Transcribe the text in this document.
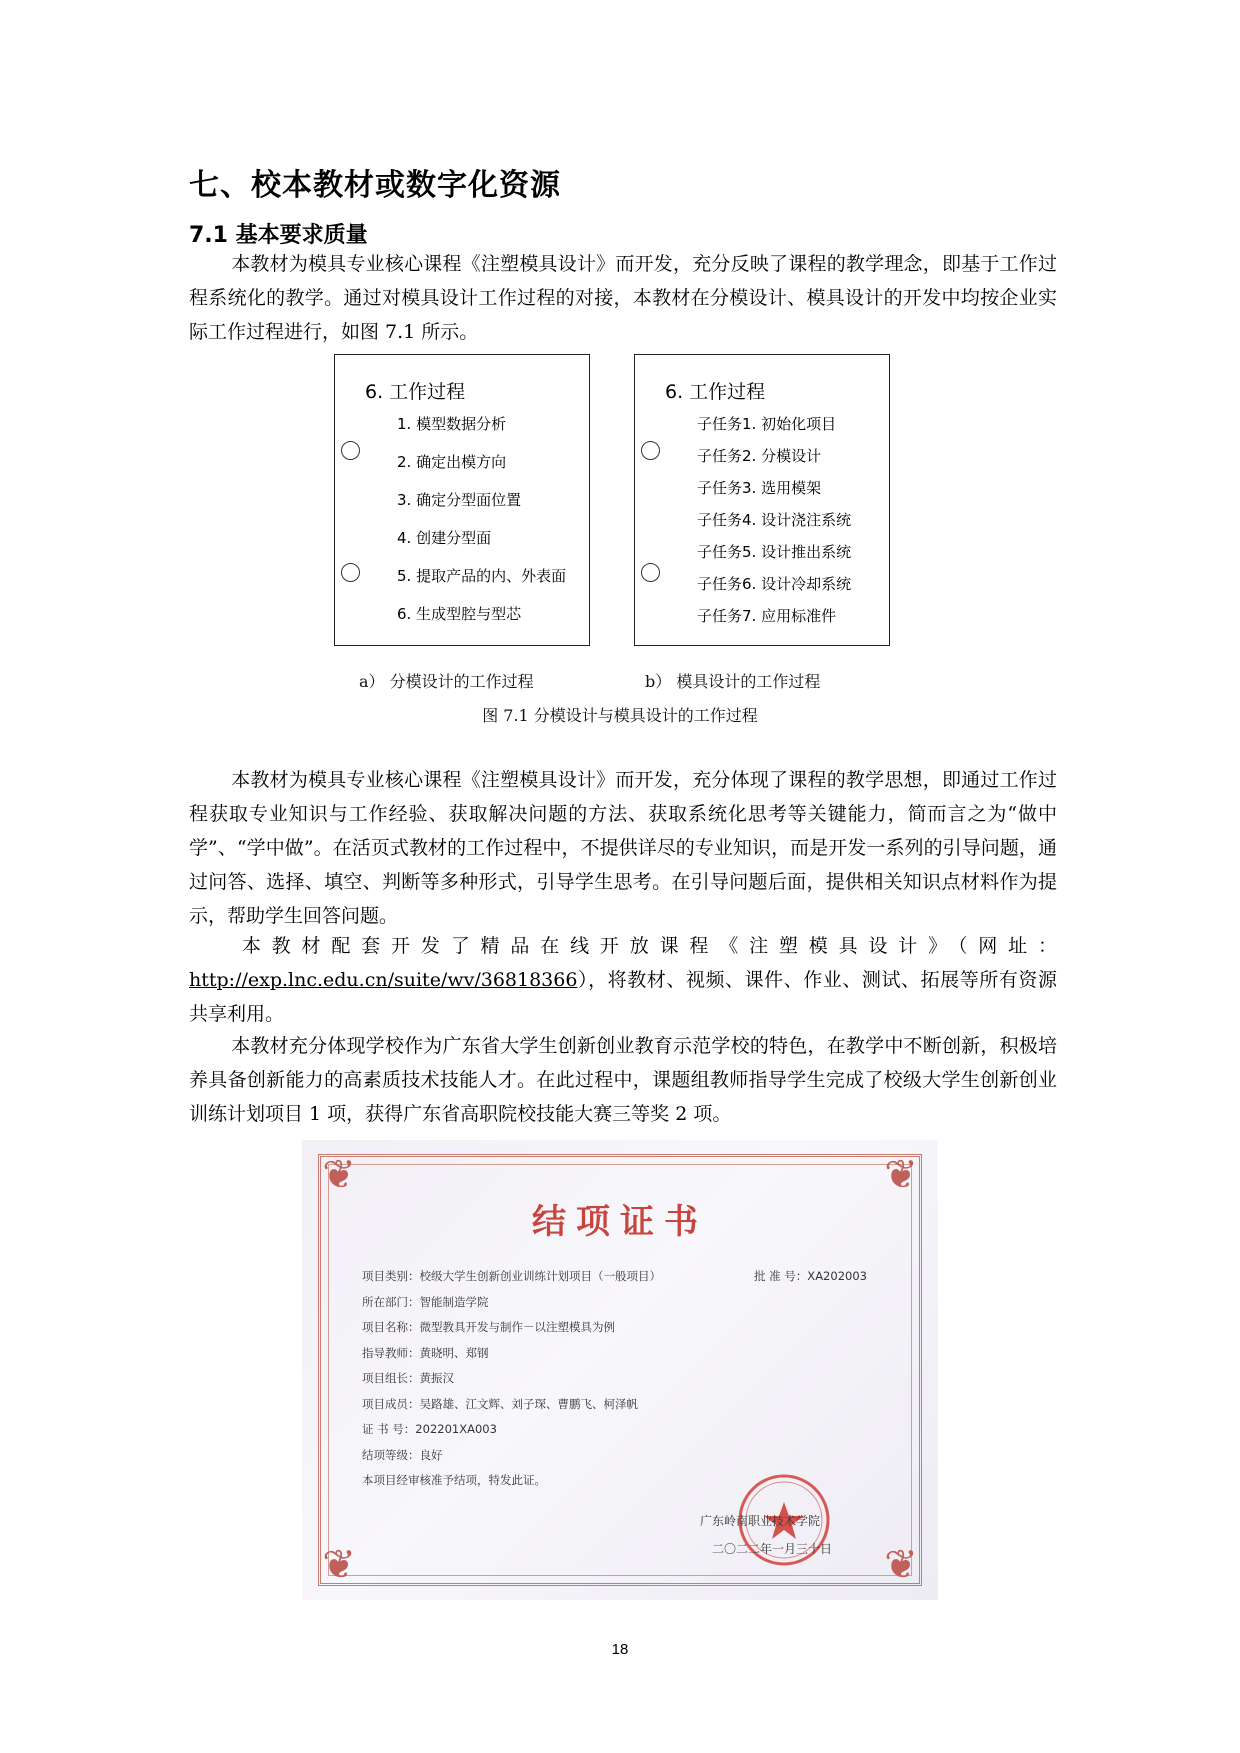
七、校本教材或数字化资源
7.1 基本要求质量
本教材为模具专业核心课程《注塑模具设计》而开发，充分反映了课程的教学理念，即基于工作过程系统化的教学。通过对模具设计工作过程的对接，本教材在分模设计、模具设计的开发中均按企业实际工作过程进行，如图 7.1 所示。
6. 工作过程
1. 模型数据分析
2. 确定出模方向
3. 确定分型面位置
4. 创建分型面
5. 提取产品的内、外表面
6. 生成型腔与型芯
6. 工作过程
子任务1. 初始化项目
子任务2. 分模设计
子任务3. 选用模架
子任务4. 设计浇注系统
子任务5. 设计推出系统
子任务6. 设计冷却系统
子任务7. 应用标准件
a） 分模设计的工作过程	b） 模具设计的工作过程
图 7.1 分模设计与模具设计的工作过程
本教材为模具专业核心课程《注塑模具设计》而开发，充分体现了课程的教学思想，即通过工作过程获取专业知识与工作经验、获取解决问题的方法、获取系统化思考等关键能力，简而言之为“做中学”、“学中做”。在活页式教材的工作过程中，不提供详尽的专业知识，而是开发一系列的引导问题，通过问答、选择、填空、判断等多种形式，引导学生思考。在引导问题后面，提供相关知识点材料作为提示，帮助学生回答问题。
本教材配套开发了精品在线开放课程《注塑模具设计》（网址：http://exp.lnc.edu.cn/suite/wv/36818366），将教材、视频、课件、作业、测试、拓展等所有资源共享利用。
本教材充分体现学校作为广东省大学生创新创业教育示范学校的特色，在教学中不断创新，积极培养具备创新能力的高素质技术技能人才。在此过程中，课题组教师指导学生完成了校级大学生创新创业训练计划项目 1 项，获得广东省高职院校技能大赛三等奖 2 项。
❦	❦
❦	❦
结项证书
项目类别：校级大学生创新创业训练计划项目（一般项目）
所在部门：智能制造学院
项目名称：微型教具开发与制作－以注塑模具为例
指导教师：黄晓明、郑钢
项目组长：黄振汉
项目成员：吴路雄、江文辉、刘子琛、曹鹏飞、柯泽帆
证 书 号：202201XA003
结项等级：良好
本项目经审核准予结项，特发此证。
批 准 号：XA202003
广东岭南职业技术学院
二〇二二年一月三十日
18
